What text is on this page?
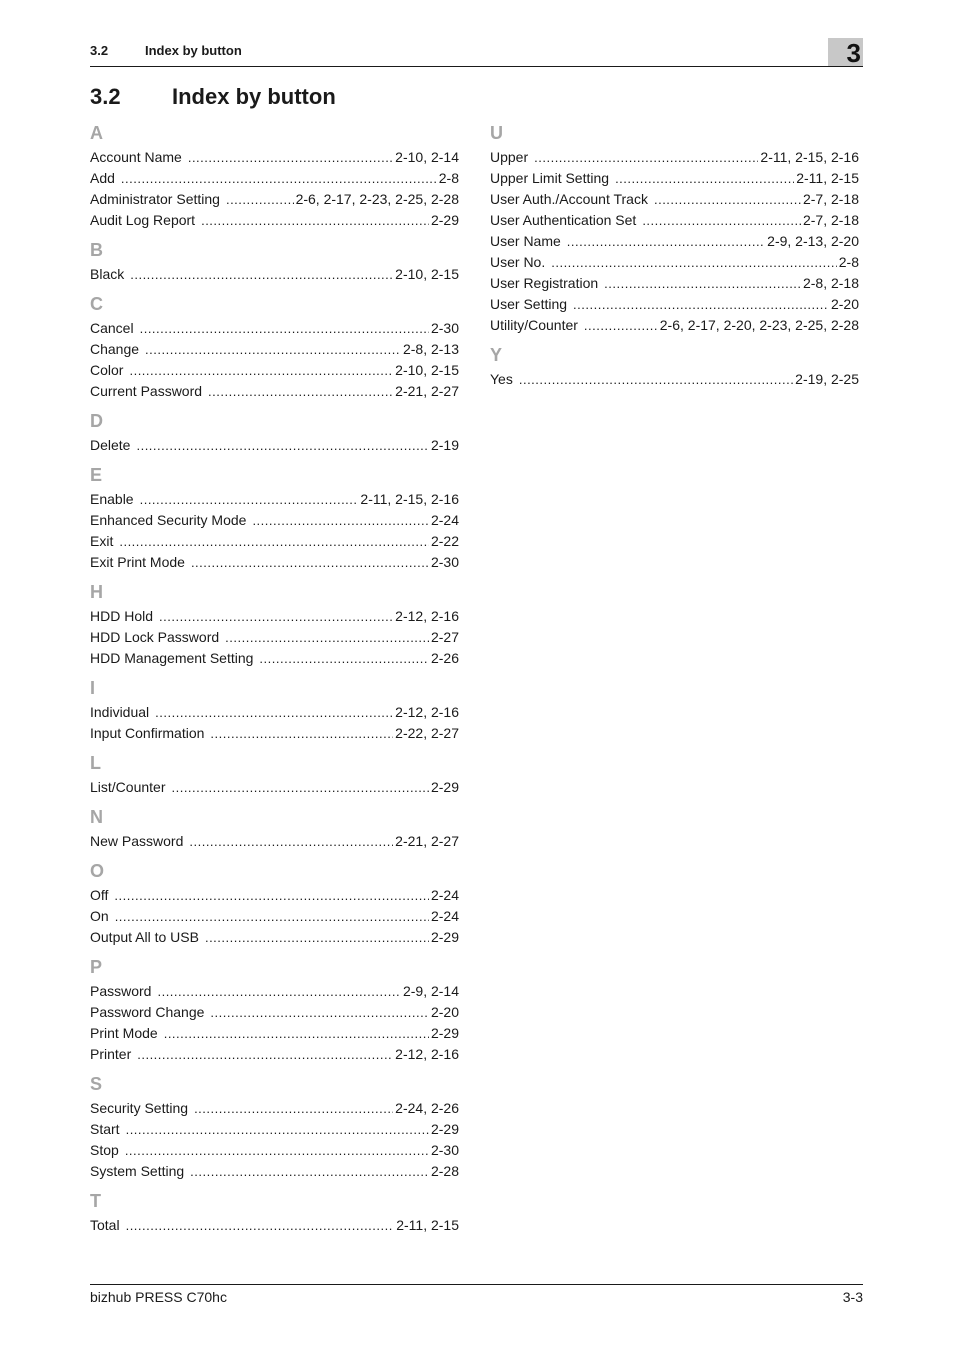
3.2	Index by button	3
3.2 Index by button
A
Account Name .....	2-10, 2-14
Add .....	2-8
Administrator Setting .....	2-6, 2-17, 2-23, 2-25, 2-28
Audit Log Report .....	2-29
B
Black .....	2-10, 2-15
C
Cancel .....	2-30
Change .....	2-8, 2-13
Color .....	2-10, 2-15
Current Password .....	2-21, 2-27
D
Delete .....	2-19
E
Enable .....	2-11, 2-15, 2-16
Enhanced Security Mode .....	2-24
Exit .....	2-22
Exit Print Mode .....	2-30
H
HDD Hold .....	2-12, 2-16
HDD Lock Password .....	2-27
HDD Management Setting .....	2-26
I
Individual .....	2-12, 2-16
Input Confirmation .....	2-22, 2-27
L
List/Counter .....	2-29
N
New Password .....	2-21, 2-27
O
Off .....	2-24
On .....	2-24
Output All to USB .....	2-29
P
Password .....	2-9, 2-14
Password Change .....	2-20
Print Mode .....	2-29
Printer .....	2-12, 2-16
S
Security Setting .....	2-24, 2-26
Start .....	2-29
Stop .....	2-30
System Setting .....	2-28
T
Total .....	2-11, 2-15
U
Upper .....	2-11, 2-15, 2-16
Upper Limit Setting .....	2-11, 2-15
User Auth./Account Track .....	2-7, 2-18
User Authentication Set .....	2-7, 2-18
User Name .....	2-9, 2-13, 2-20
User No. .....	2-8
User Registration .....	2-8, 2-18
User Setting .....	2-20
Utility/Counter .....	2-6, 2-17, 2-20, 2-23, 2-25, 2-28
Y
Yes .....	2-19, 2-25
bizhub PRESS C70hc	3-3
